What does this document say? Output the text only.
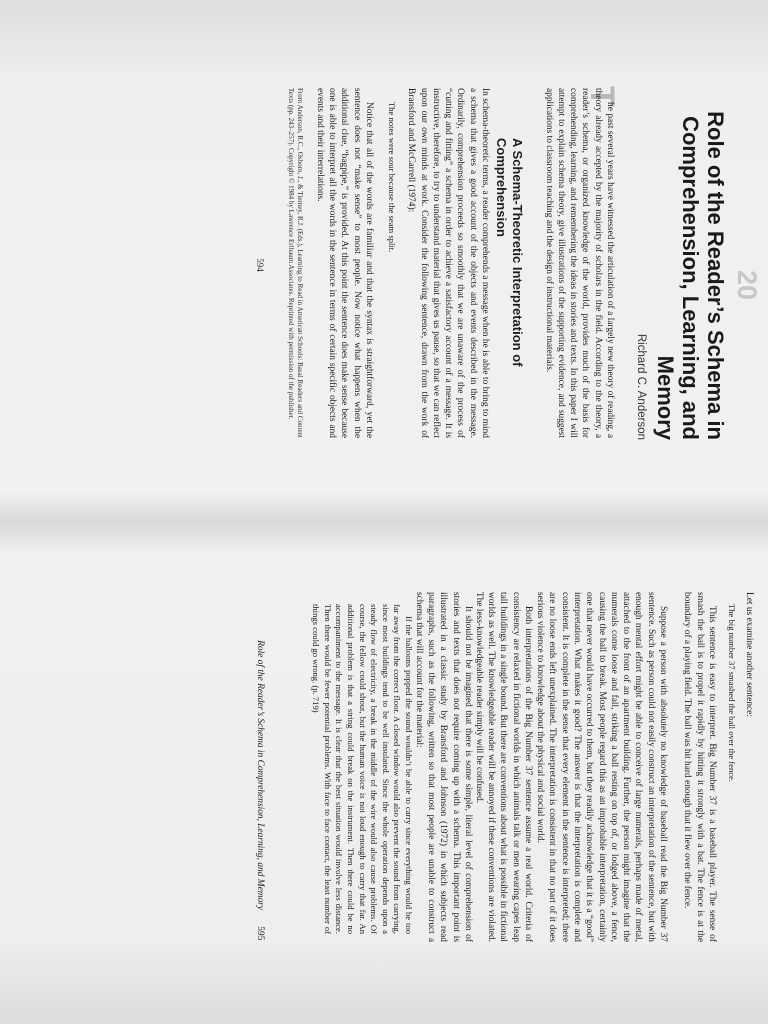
20
Role of the Reader’s Schema in Comprehension, Learning, and Memory
Richard C. Anderson
T

he past several years have witnessed the articulation of a largely new theory of reading, a theory already accepted by the majority of scholars in the field. According to the theory, a reader’s schema, or organized knowledge of the world, provides much of the basis for comprehending, learning, and remembering the ideas in stories and texts. In this paper I will attempt to explain schema theory, give illustrations of the supporting evidence, and suggest applications to classroom teaching and the design of instructional materials.

A Schema-Theoretic Interpretation of Comprehension

In schema-theoretic terms, a reader comprehends a message when he is able to bring to mind a schema that gives a good account of the objects and events described in the message. Ordinarily, comprehension proceeds so smoothly that we are unaware of the process of “cutting and fitting” a schema in order to achieve a satisfactory account of a message. It is instructive, therefore, to try to understand material that gives us pause, so that we can reflect upon our own minds at work. Consider the following sentence, drawn from the work of Bransford and McCarrell (1974):

The notes were sour because the seam split.

Notice that all of the words are familiar and that the syntax is straightforward, yet the sentence does not “make sense” to most people. Now notice what happens when the additional clue, “bagpipe,” is provided. At this point the sentence does make sense because one is able to interpret all the words in the sentence in terms of certain specific objects and events and their interrelations.

From Anderson, R.C., Osborn, J., & Tierney, R.J. (Eds.), Learning to Read in American Schools: Basal Readers and Content Texts (pp. 243–257). Copyright © 1984 by Lawrence Erlbaum Associates. Reprinted with permission of the publisher.

594

Let us examine another sentence:

The big number 37 smashed the ball over the fence.

This sentence is easy to interpret. Big Number 37 is a baseball player. The sense of smash the ball is to propel it rapidly by hitting it strongly with a bat. The fence is at the boundary of a playing field. The ball was hit hard enough that it flew over the fence.

Suppose a person with absolutely no knowledge of baseball read the Big Number 37 sentence. Such as person could not easily construct an interpretation of the sentence, but with enough mental effort might be able to conceive of large numerals, perhaps made of metal, attached to the front of an apartment building. Further, the person might imagine that the numerals come loose and fall, striking a ball resting on top of, or lodged above, a fence, causing the ball to break. Most people regard this as an improbable interpretation, certainly one that never would have occurred to them, but they readily acknowledge that it is a “good” interpretation. What makes it good? The answer is that the interpretation is complete and consistent. It is complete in the sense that every element in the sentence is interpreted; there are no loose ends left unexplained. The interpretation is consistent in that no part of it does serious violence to knowledge about the physical and social world.

Both interpretations of the Big Number 37 sentence assume a real world. Criteria of consistency are relaxed in fictional worlds in which animals talk or men wearing capes leap tall buildings in a single bound. But there are conventions about what is possible in fictional worlds as well. The knowledgeable reader will be annoyed if these conventions are violated. The less-knowledgeable reader simply will be confused.

It should not be imagined that there is some simple, literal level of comprehension of stories and texts that does not require coming up with a schema. This important point is illustrated in a classic study by Bransford and Johnson (1972) in which subjects read paragraphs, such as the following, written so that most people are unable to construct a schema that will account for the material:

If the balloons popped the sound wouldn’t be able to carry since everything would be too far away from the correct floor. A closed window would also prevent the sound from carrying, since most buildings tend to be well insulated. Since the whole operation depends upon a steady flow of electricity, a break in the middle of the wire would also cause problems. Of course, the fellow could shout, but the human voice is not loud enough to carry that far. An additional problem is that a string could break on the instrument. Then there could be no accompaniment to the message. It is clear that the best situation would involve less distance. Then there would be fewer potential problems. With face to face contact, the least number of things could go wrong. (p. 719)

Role of the Reader’s Schema in Comprehension, Learning, and Memory 595
